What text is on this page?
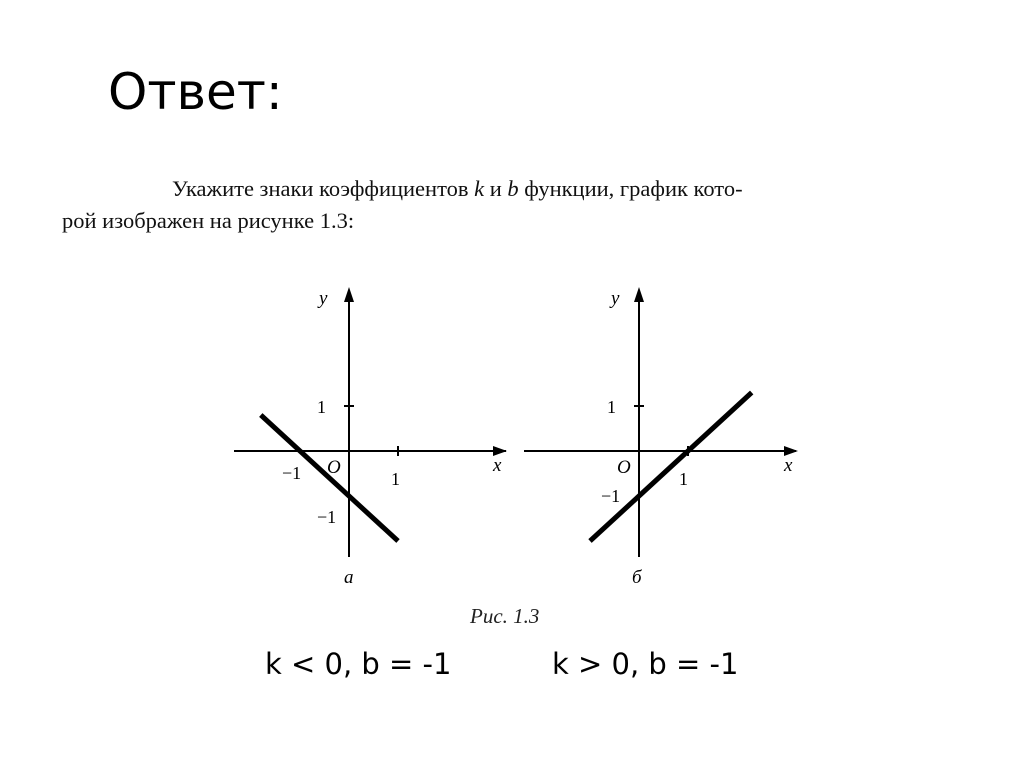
Ответ:
Укажите знаки коэффициентов k и b функции, график кото-
рой изображен на рисунке 1.3:
y
x
O
1
1
−1
−1
а
y
x
O
1
1
−1
б
Рис. 1.3
k < 0, b = -1	k > 0, b = -1
